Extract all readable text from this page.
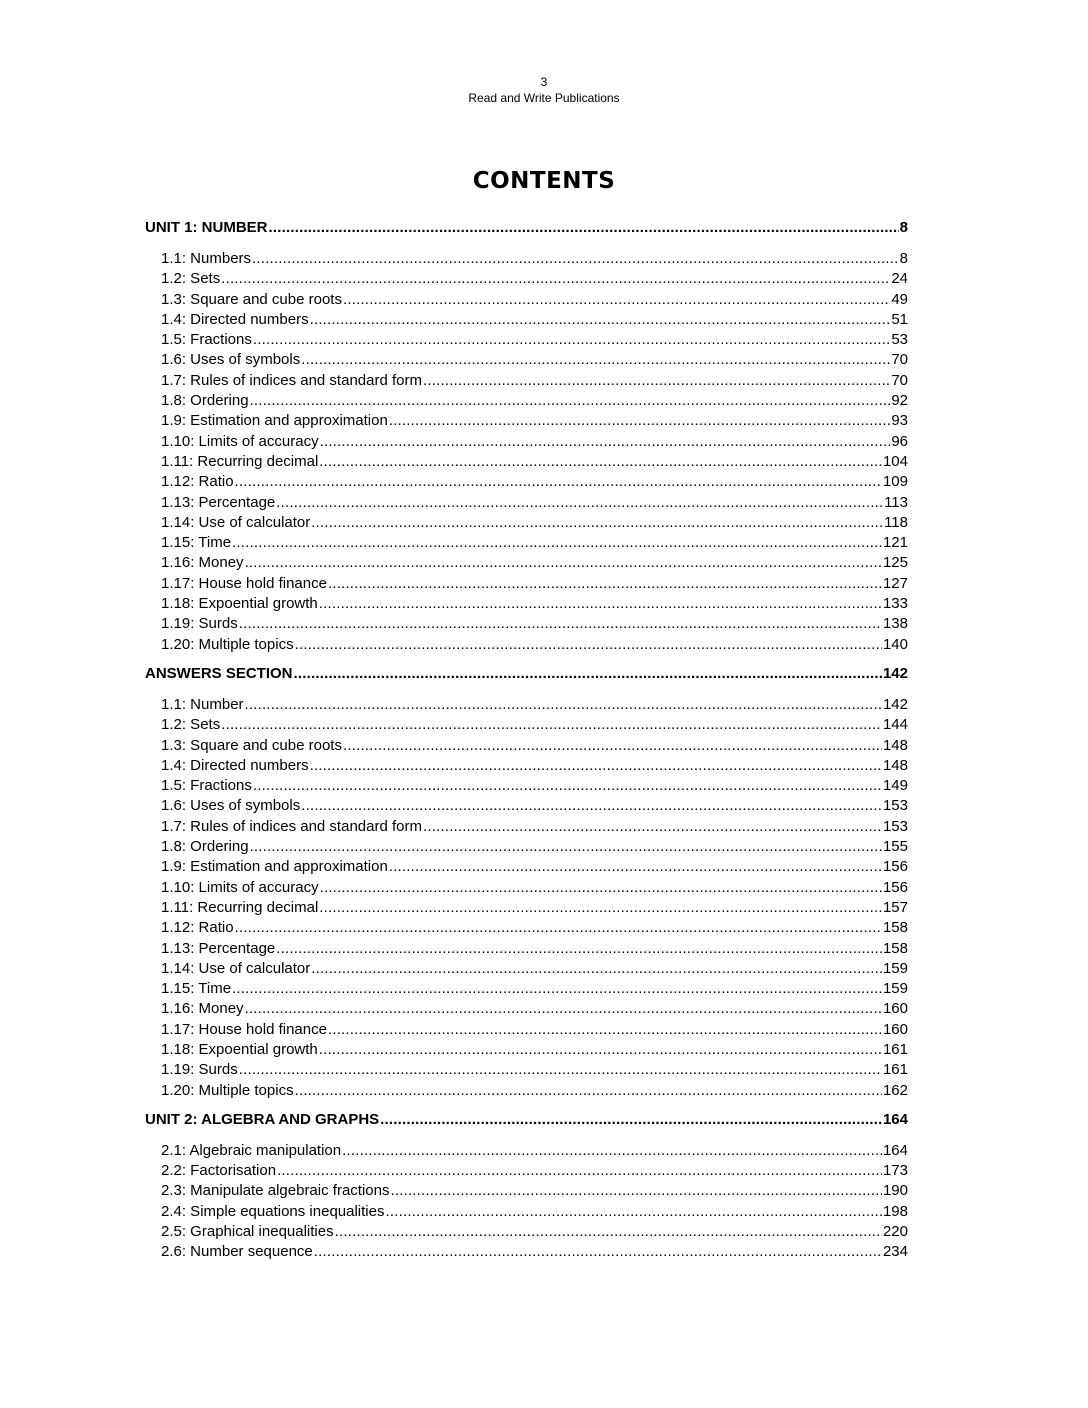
3
Read and Write Publications
CONTENTS
UNIT 1: NUMBER .....	8
1.1: Numbers .....	8
1.2: Sets .....	24
1.3: Square and cube roots .....	49
1.4: Directed numbers .....	51
1.5: Fractions .....	53
1.6: Uses of symbols .....	70
1.7: Rules of indices and standard form .....	70
1.8: Ordering .....	92
1.9: Estimation and approximation .....	93
1.10: Limits of accuracy .....	96
1.11: Recurring decimal .....	104
1.12: Ratio .....	109
1.13: Percentage .....	113
1.14: Use of calculator .....	118
1.15: Time .....	121
1.16: Money .....	125
1.17: House hold finance .....	127
1.18: Expoential growth .....	133
1.19: Surds .....	138
1.20: Multiple topics .....	140
ANSWERS SECTION .....	142
1.1: Number .....	142
1.2: Sets .....	144
1.3: Square and cube roots .....	148
1.4: Directed numbers .....	148
1.5: Fractions .....	149
1.6: Uses of symbols .....	153
1.7: Rules of indices and standard form .....	153
1.8: Ordering .....	155
1.9: Estimation and approximation .....	156
1.10: Limits of accuracy .....	156
1.11: Recurring decimal .....	157
1.12: Ratio .....	158
1.13: Percentage .....	158
1.14: Use of calculator .....	159
1.15: Time .....	159
1.16: Money .....	160
1.17: House hold finance .....	160
1.18: Expoential growth .....	161
1.19: Surds .....	161
1.20: Multiple topics .....	162
UNIT 2: ALGEBRA AND GRAPHS .....	164
2.1: Algebraic manipulation .....	164
2.2: Factorisation .....	173
2.3: Manipulate algebraic fractions .....	190
2.4: Simple equations inequalities .....	198
2.5: Graphical inequalities .....	220
2.6: Number sequence .....	234
